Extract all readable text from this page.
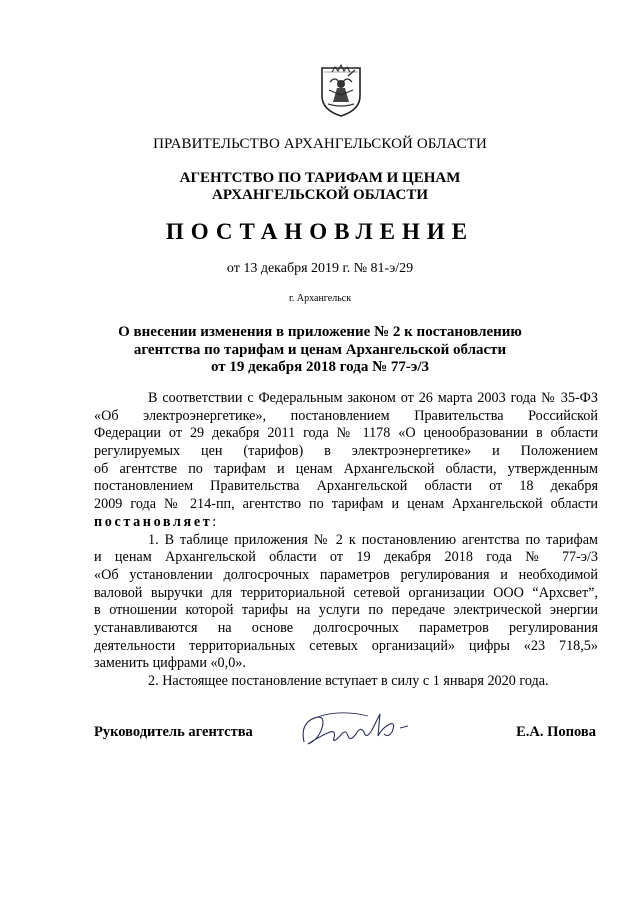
ПРАВИТЕЛЬСТВО АРХАНГЕЛЬСКОЙ ОБЛАСТИ
АГЕНТСТВО ПО ТАРИФАМ И ЦЕНАМ
АРХАНГЕЛЬСКОЙ ОБЛАСТИ
ПОСТАНОВЛЕНИЕ
от 13 декабря 2019 г. № 81-э/29
г. Архангельск
О внесении изменения в приложение № 2 к постановлению
агентства по тарифам и ценам Архангельской области
от 19 декабря 2018 года № 77-э/3
В соответствии с Федеральным законом от 26 марта 2003 года № 35-ФЗ
«Об электроэнергетике», постановлением Правительства Российской
Федерации от 29 декабря 2011 года № 1178 «О ценообразовании в области
регулируемых цен (тарифов) в электроэнергетике» и Положением
об агентстве по тарифам и ценам Архангельской области, утвержденным
постановлением Правительства Архангельской области от 18 декабря
2009 года № 214-пп, агентство по тарифам и ценам Архангельской области
постановляет:
1. В таблице приложения № 2 к постановлению агентства по тарифам
и ценам Архангельской области от 19 декабря 2018 года № 77-э/3
«Об установлении долгосрочных параметров регулирования и необходимой
валовой выручки для территориальной сетевой организации ООО “Архсвет”,
в отношении которой тарифы на услуги по передаче электрической энергии
устанавливаются на основе долгосрочных параметров регулирования
деятельности территориальных сетевых организаций» цифры «23 718,5»
заменить цифрами «0,0».
2. Настоящее постановление вступает в силу с 1 января 2020 года.
Руководитель агентства	Е.А. Попова
